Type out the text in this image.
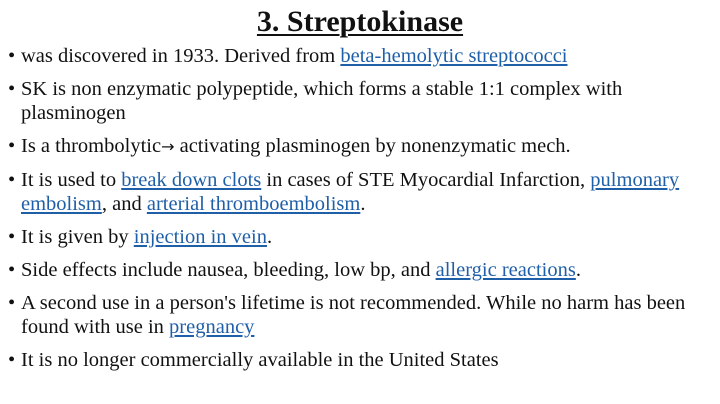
3. Streptokinase
• was discovered in 1933. Derived from beta-hemolytic streptococci
• SK is non enzymatic polypeptide, which forms a stable 1:1 complex with plasminogen
• Is a thrombolytic→ activating plasminogen by nonenzymatic mech.
• It is used to break down clots in cases of STE Myocardial Infarction, pulmonary embolism, and arterial thromboembolism.
• It is given by injection in vein.
• Side effects include nausea, bleeding, low bp, and allergic reactions.
• A second use in a person's lifetime is not recommended. While no harm has been found with use in pregnancy
• It is no longer commercially available in the United States
